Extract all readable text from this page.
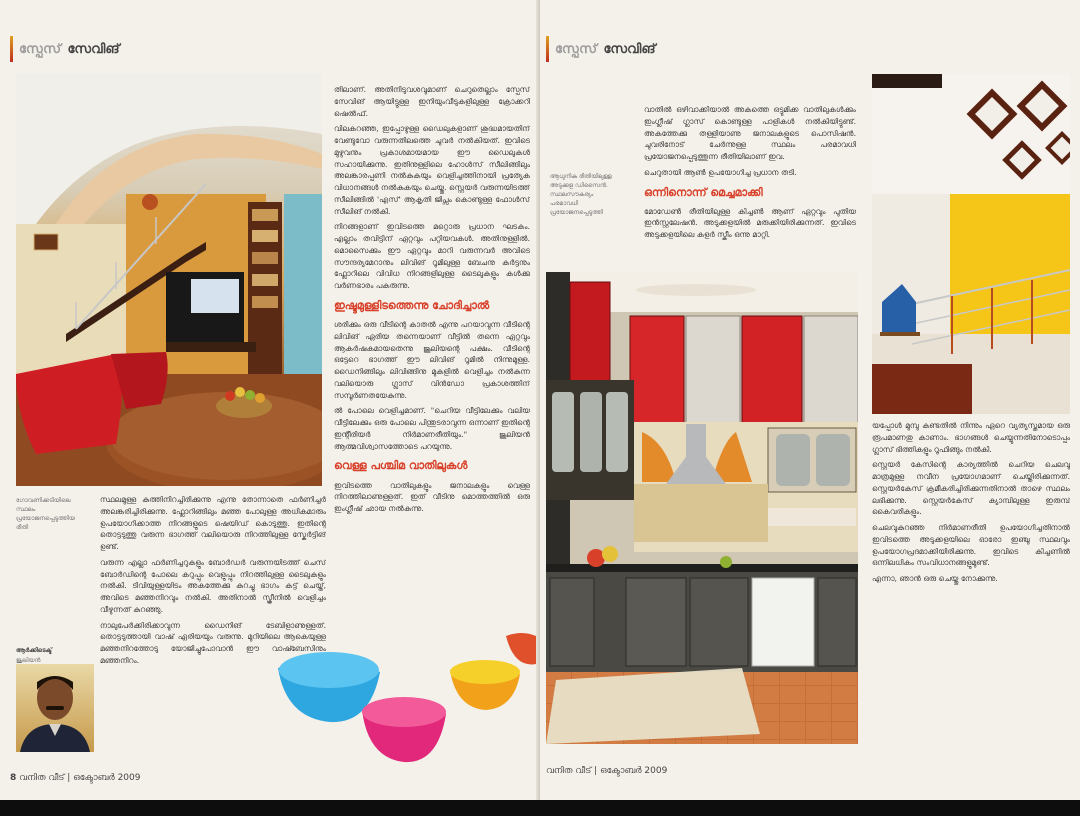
സ്പേസ് സേവിങ്
ഗോവണിക്കടിയിലെ സ്ഥലം പ്രയോജനപ്പെടുത്തിയ രീതി
ആർക്കിടെക്ട്
ജൂലിയൻ

തിലാണ്. അതിനിടുവശവുമാണ് ചെറുതെല്ലാം സ്പേസ് സേവിങ് ആയിട്ടുള്ള ഇനിയുംവീടുകളിലുള്ള ക്രോക്കറി ഷെൽഫ്.

വിലകുറഞ്ഞ, ഇപ്പോഴുള്ള ഡൈലുകളാണ് ശുദ്ധമായതിന് വേണ്ടുവോ വരുന്നതിലത്തെ ചുവർ നൽകിയത്. ഇവിടെ മുഴുവനും പ്രകാശമായമായ ഈ ഡൈലുകൾ സഹായിക്കുന്നു. ഇതിനുള്ളിലെ ഹോൾസ് സീലിങ്ങിലും അലങ്കാരപ്പണി നൽകുകയും വെളിച്ചത്തിനായി പ്രത്യേക വിധാനങ്ങൾ നൽകുകയും ചെയ്തു. സ്റ്റെയർ വരുന്നയിടത്ത് സീലിങ്ങിൽ 'എസ്' ആകൃതി ജിപ്സം കൊണ്ടുള്ള ഫോൾസ് സീലിങ് നൽകി.

നിറങ്ങളാണ് ഇവിടത്തെ മറ്റൊരു പ്രധാന ഘടകം. എല്ലാം തവിട്ടിന് ഏറ്റവും പറ്റിയവകൾ. അതിനുള്ളിൽ. മൊസൈക്കും ഈ ഏറ്റവും മാറി വരുന്നവർ അവിടെ സൗന്ദര്യമേറാനും ലിവിങ് റൂമിലുള്ള ബേചനു കർട്ടനും ഫ്ലോറിലെ വിവിധ നിറങ്ങളിലുള്ള ടൈലുകളും കൾക്കു വർണഭാരം പകരുന്നു.

ഇഷ്ടമുള്ളിടത്തെന്നു ചോദിച്ചാൽ

ശരിക്കും ഒരു വീടിന്റെ കാതൽ എന്നു പറയാവുന്ന വീടിന്റെ ലിവിങ് ഏരിയ തന്നെയാണ് വീട്ടിൽ തന്നെ ഏറ്റവും ആകർഷകമായതെന്നു ജൂലിയന്റെ പക്ഷം. വീടിന്റെ ഒട്ടേറെ ഭാഗത്ത് ഈ ലിവിങ് റൂമിൽ നിന്നുമുള്ള. ഡൈനിങ്ങിലും ലിവിങ്ങിനു മുകളിൽ വെളിച്ചം നൽകുന്ന വലിയൊരു ഗ്ലാസ് വിൻഡോ പ്രകാശത്തിന് സമ്പൂർണതയേകുന്നു.

ൽ പോലെ വെളിച്ചമാണ്. "ചെറിയ വീട്ടിലേക്കും വലിയ വീട്ടിലേക്കും ഒരു പോലെ പിന്തുടരാവുന്ന ഒന്നാണ് ഇതിന്റെ ഇന്റീരിയർ നിർമാണരീതിയും." ജൂലിയൻ ആത്മവിശ്വാസത്തോടെ പറയുന്നു.

വെള്ള പശ്ചിമ വാതിലുകൾ

ഇവിടത്തെ വാതിലുകളും ജനാലകളും വെള്ള നിറത്തിലാണുള്ളത്. ഇത് വീടിനു മൊത്തത്തിൽ ഒരു ഇംഗ്ലീഷ് ഛായ നൽകുന്നു.

സ്ഥലമുള്ള കുത്തിനിറച്ചിരിക്കുന്നു എന്നു തോന്നാതെ ഫർണിച്ചർ അലങ്കരിച്ചിരിക്കുന്നു. ഫ്ലോറിങ്ങിലും മഞ്ഞ പോലുള്ള അധികമാരും ഉപയോഗിക്കാത്ത നിറങ്ങളുടെ ഷെയിഡ് കൊടുത്തു. ഇതിന്റെ തൊട്ടടുത്തു വരുന്ന ഭാഗത്ത് വലിയൊരു നിറത്തിലുള്ള സ്കേർട്ടിങ് ഉണ്ട്.

വരുന്ന എല്ലാ ഫർണിച്ചറുകളും ബോർഡർ വരുന്നയിടത്ത് ചെസ് ബോർഡിന്റെ പോലെ കറുപ്പും വെളുപ്പും നിറത്തിലുള്ള ടൈലുകളും നൽകി. ടിവിയുള്ളയിടം അകത്തേക്കു കുറച്ചു ഭാഗം കട്ട് ചെയ്ത്, അവിടെ മഞ്ഞനിറവും നൽകി. അതിനാൽ സ്ക്രീനിൽ വെളിച്ചം വീഴുന്നത് കുറഞ്ഞു.

നാലുപേർക്കിരിക്കാവുന്ന ഡൈനിങ് ടേബിളാണുള്ളത്. തൊട്ടടുത്തായി വാഷ് ഏരിയയും വരുന്നു. മുറിയിലെ ആകെയുള്ള മഞ്ഞനിറത്തോടു യോജിച്ചുപോവാൻ ഈ വാഷ്ബേസിനും മഞ്ഞനിറം.

8 വനിത വീട് | ഒക്ടോബർ 2009
സ്പേസ് സേവിങ്
ആധുനിക രീതിയിലുള്ള അടുക്കള ഡിസൈൻ. സ്ഥലസൗകര്യം പരമാവധി പ്രയോജനപ്പെടുത്തി

വാതിൽ ഒഴിവാക്കിയാൽ അകത്തെ ഒട്ടുമിക്ക വാതിലുകൾക്കും ഇംഗ്ലീഷ് ഗ്ലാസ് കൊണ്ടുള്ള പാളികൾ നൽകിയിട്ടുണ്ട്. അകത്തേക്കു തള്ളിയാണു ജനാലകളുടെ പൊസിഷൻ. ചുവരിനോട് ചേർന്നുള്ള സ്ഥലം പരമാവധി പ്രയോജനപ്പെടുത്തുന്ന രീതിയിലാണ് ഇവ.

ചെറുതായി ആൺ ഉപയോഗിച്ച പ്രധാന തടി.

ഒന്നിനൊന്ന് മെച്ചമാക്കി

മോഡേൺ രീതിയിലുള്ള കിച്ചൺ ആണ് ഏറ്റവും പുതിയ ഇൻസ്റ്റലേഷൻ. അടുക്കളയിൽ മരുക്കിയിരിക്കുന്നത്. ഇവിടെ അടുക്കളയിലെ കളർ സ്കീം ഒന്നു മാറ്റി.

യപ്പോൾ മുമ്പു കണ്ടതിൽ നിന്നും ഏറെ വ്യത്യസ്തമായ ഒരു രൂപമാണതു കാണാം. ഭാഗങ്ങൾ ചെയ്യുന്നതിനോടൊപ്പം ഗ്ലാസ് ഭിത്തികളും റൂഫിങ്ങും നൽകി.

സ്റ്റെയർ കേസിന്റെ കാര്യത്തിൽ ചെറിയ ചെലവു മാത്രമുള്ള നവീന പ്രയോഗമാണ് ചെയ്തിരിക്കുന്നത്. സ്റ്റെയർകേസ് ക്രമീകരിച്ചിരിക്കുന്നതിനാൽ താഴെ സ്ഥലം ലഭിക്കുന്നു. സ്റ്റെയർകേസ് ക്യാമ്പിലുള്ള ഇരുമ്പ് കൈവരികളും.

ചെലവുകുറഞ്ഞ നിർമാണരീതി ഉപയോഗിച്ചതിനാൽ ഇവിടത്തെ അടുക്കളയിലെ ഓരോ ഇഞ്ചു സ്ഥലവും ഉപയോഗപ്രദമാക്കിയിരിക്കുന്നു. ഇവിടെ കിച്ചണിൽ ഒന്നിലധികം സംവിധാനങ്ങളുമുണ്ട്.

എന്നാ, ഞാൻ ഒരു ചെയ്തു നോക്കുന്നു.

വനിത വീട് | ഒക്ടോബർ 2009
